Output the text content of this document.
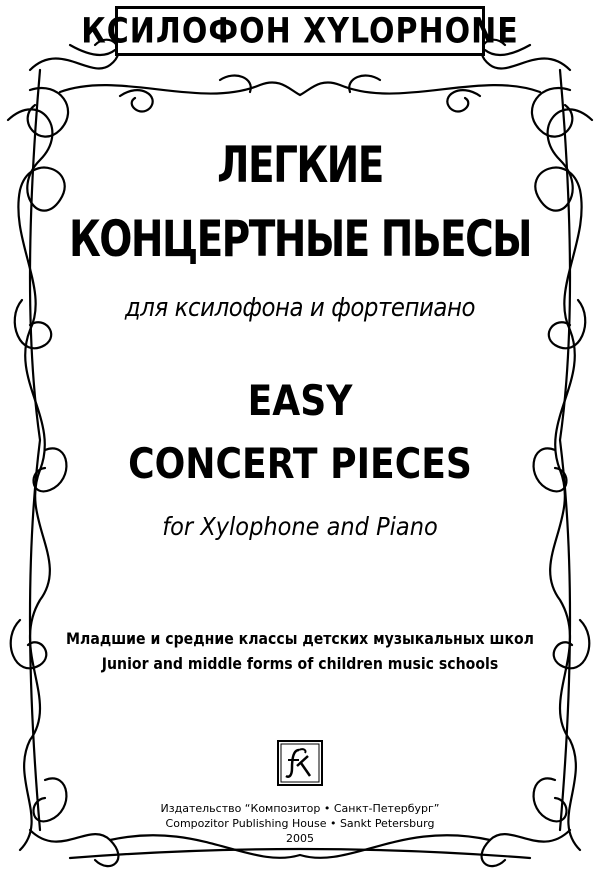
КСИЛОФОН XYLOPHONE
ЛЕГКИЕ
КОНЦЕРТНЫЕ ПЬЕСЫ
для ксилофона и фортепиано
EASY
CONCERT PIECES
for Xylophone and Piano
Младшие и средние классы детских музыкальных школ
Junior and middle forms of children music schools
Издательство “Композитор • Санкт-Петербург”
Compozitor Publishing House • Sankt Petersburg
2005
